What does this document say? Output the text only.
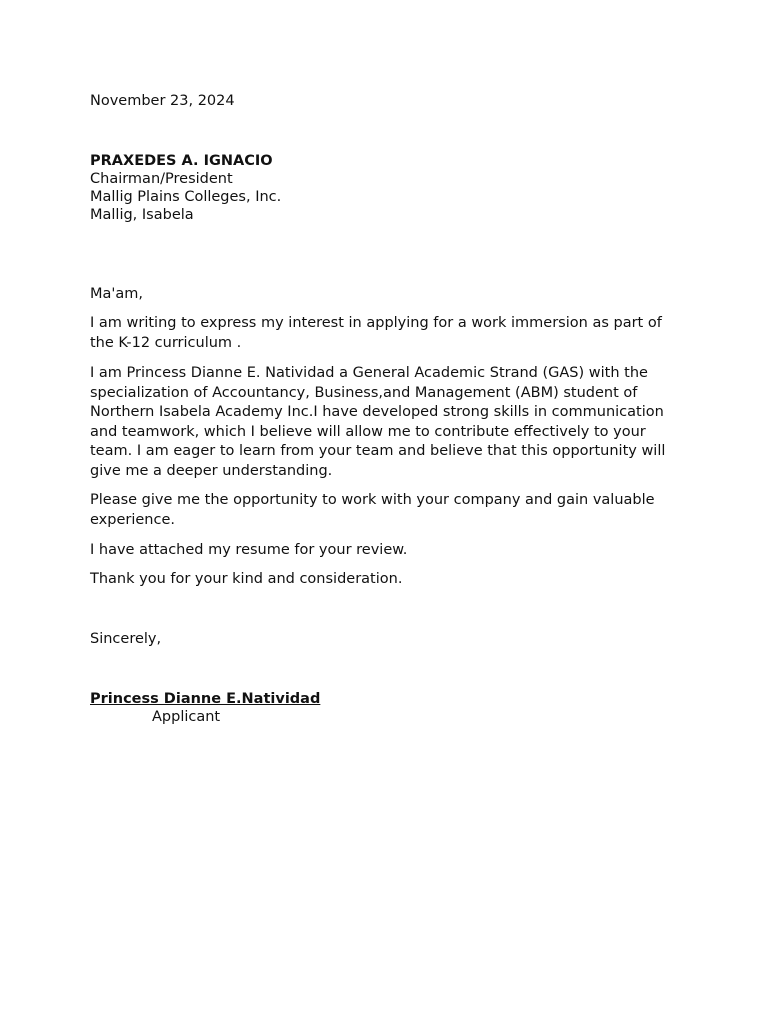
November 23, 2024
PRAXEDES A. IGNACIO
Chairman/President
Mallig Plains Colleges, Inc.
Mallig, Isabela
Ma'am,
I am writing to express my interest in applying for a work immersion as part of the K-12 curriculum .
I am Princess Dianne E. Natividad a General Academic Strand (GAS) with the specialization of Accountancy, Business,and Management (ABM) student of Northern Isabela Academy Inc.I have developed strong skills in communication and teamwork, which I believe will allow me to contribute effectively to your team. I am eager to learn from your team and believe that this opportunity will give me a deeper understanding.
Please give me the opportunity to work with your company and gain valuable experience.
I have attached my resume for your review.
Thank you for your kind and consideration.
Sincerely,
Princess Dianne E.Natividad
Applicant
